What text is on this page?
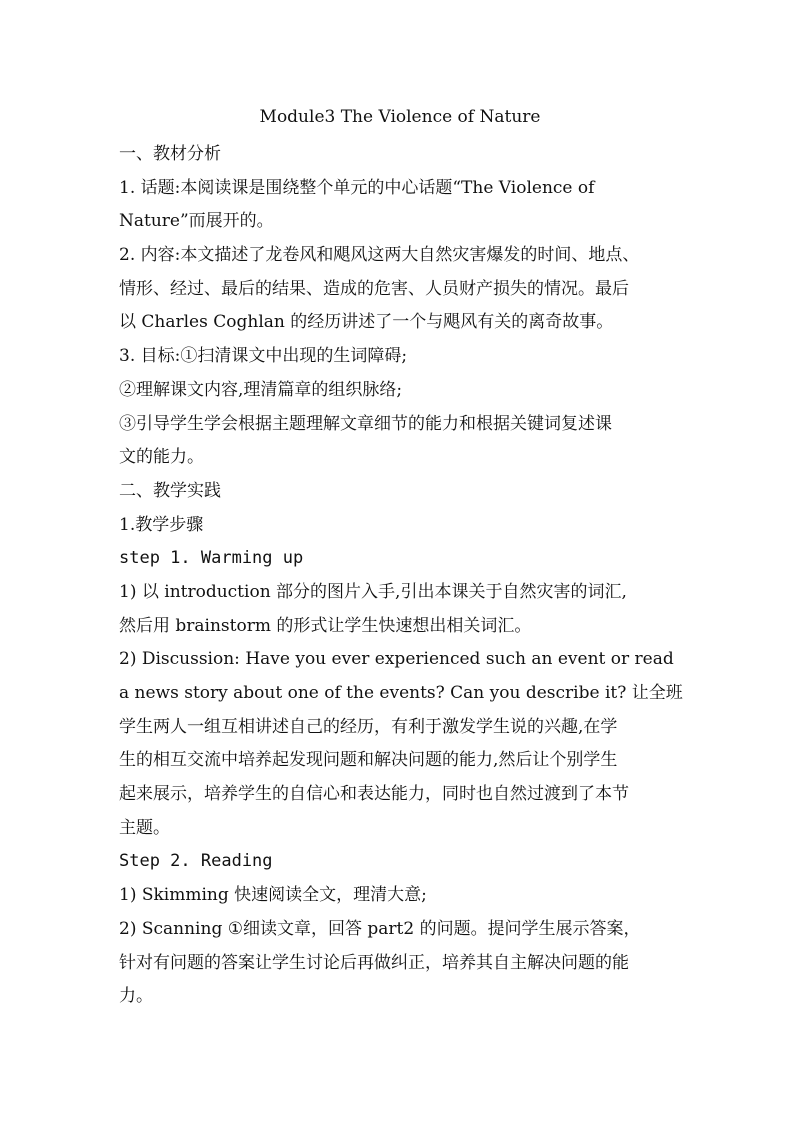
Module3 The Violence of Nature
一、教材分析
1. 话题:本阅读课是围绕整个单元的中心话题“The Violence of
Nature”而展开的。
2. 内容:本文描述了龙卷风和飓风这两大自然灾害爆发的时间、地点、
情形、经过、最后的结果、造成的危害、人员财产损失的情况。最后
以 Charles Coghlan 的经历讲述了一个与飓风有关的离奇故事。
3. 目标:①扫清课文中出现的生词障碍;
②理解课文内容,理清篇章的组织脉络;
③引导学生学会根据主题理解文章细节的能力和根据关键词复述课
文的能力。
二、教学实践
1.教学步骤
step 1. Warming up
1) 以 introduction 部分的图片入手,引出本课关于自然灾害的词汇,
然后用 brainstorm 的形式让学生快速想出相关词汇。
2) Discussion: Have you ever experienced such an event or read
a news story about one of the events? Can you describe it? 让全班
学生两人一组互相讲述自己的经历，有利于激发学生说的兴趣,在学
生的相互交流中培养起发现问题和解决问题的能力,然后让个别学生
起来展示，培养学生的自信心和表达能力，同时也自然过渡到了本节
主题。
Step 2. Reading
1) Skimming 快速阅读全文，理清大意;
2) Scanning ①细读文章，回答 part2 的问题。提问学生展示答案，
针对有问题的答案让学生讨论后再做纠正，培养其自主解决问题的能
力。
